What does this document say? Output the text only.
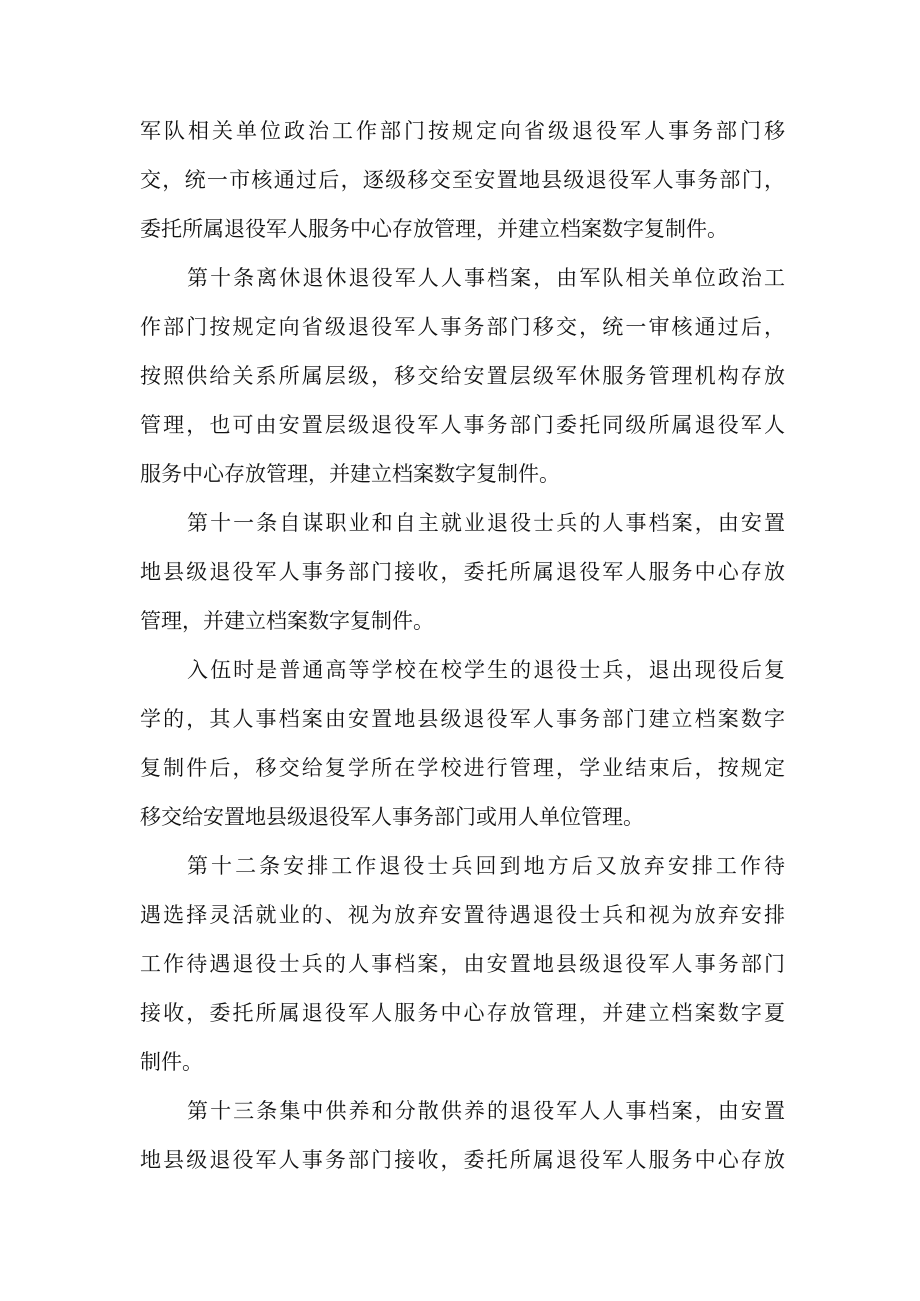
军队相关单位政治工作部门按规定向省级退役军人事务部门移
交，统一市核通过后，逐级移交至安置地县级退役军人事务部门，
委托所属退役军人服务中心存放管理，并建立档案数字复制件。
第十条离休退休退役军人人事档案，由军队相关单位政治工
作部门按规定向省级退役军人事务部门移交，统一审核通过后，
按照供给关系所属层级，移交给安置层级军休服务管理机构存放
管理，也可由安置层级退役军人事务部门委托同级所属退役军人
服务中心存放管理，并建立档案数字复制件。
第十一条自谋职业和自主就业退役士兵的人事档案，由安置
地县级退役军人事务部门接收，委托所属退役军人服务中心存放
管理，并建立档案数字复制件。
入伍时是普通高等学校在校学生的退役士兵，退出现役后复
学的，其人事档案由安置地县级退役军人事务部门建立档案数字
复制件后，移交给复学所在学校进行管理，学业结束后，按规定
移交给安置地县级退役军人事务部门或用人单位管理。
第十二条安排工作退役士兵回到地方后又放弃安排工作待
遇选择灵活就业的、视为放弃安置待遇退役士兵和视为放弃安排
工作待遇退役士兵的人事档案，由安置地县级退役军人事务部门
接收，委托所属退役军人服务中心存放管理，并建立档案数字夏
制件。
第十三条集中供养和分散供养的退役军人人事档案，由安置
地县级退役军人事务部门接收，委托所属退役军人服务中心存放
